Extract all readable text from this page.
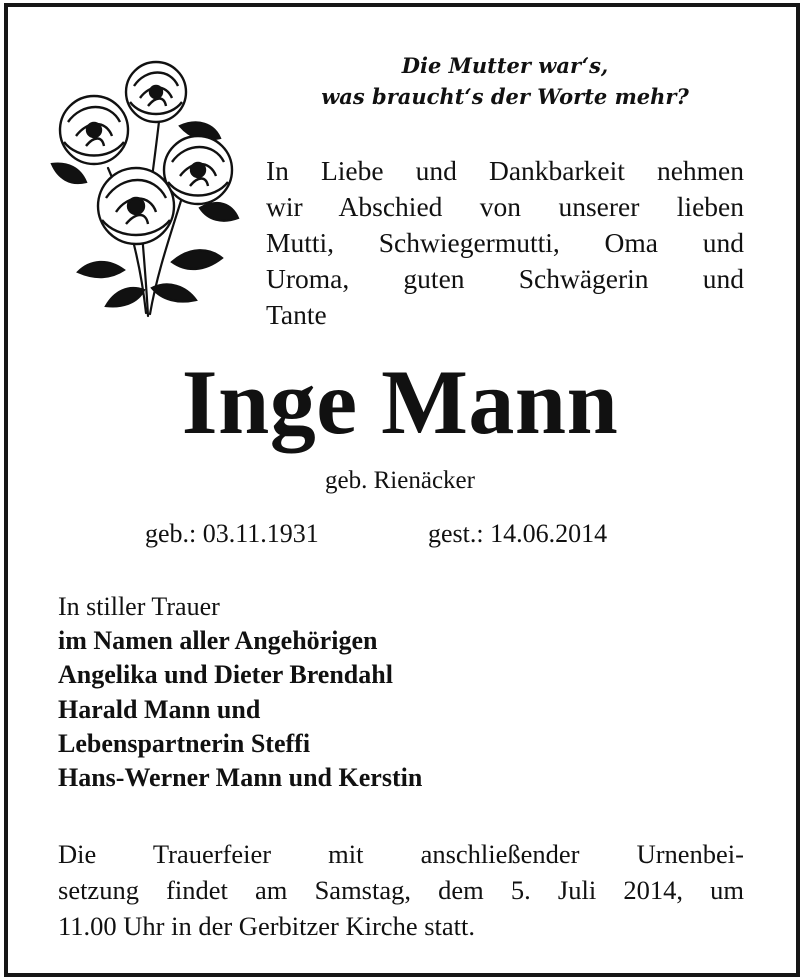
Die Mutter war‘s,
was braucht‘s der Worte mehr?
In Liebe und Dankbarkeit nehmen
wir Abschied von unserer lieben
Mutti, Schwiegermutti, Oma und
Uroma, guten Schwägerin und
Tante
Inge Mann
geb. Rienäcker
geb.: 03.11.1931	gest.: 14.06.2014
In stiller Trauer
im Namen aller Angehörigen
Angelika und Dieter Brendahl
Harald Mann und
Lebenspartnerin Steffi
Hans-Werner Mann und Kerstin
Die Trauerfeier mit anschließender Urnenbei-
setzung findet am Samstag, dem 5. Juli 2014, um
11.00 Uhr in der Gerbitzer Kirche statt.
